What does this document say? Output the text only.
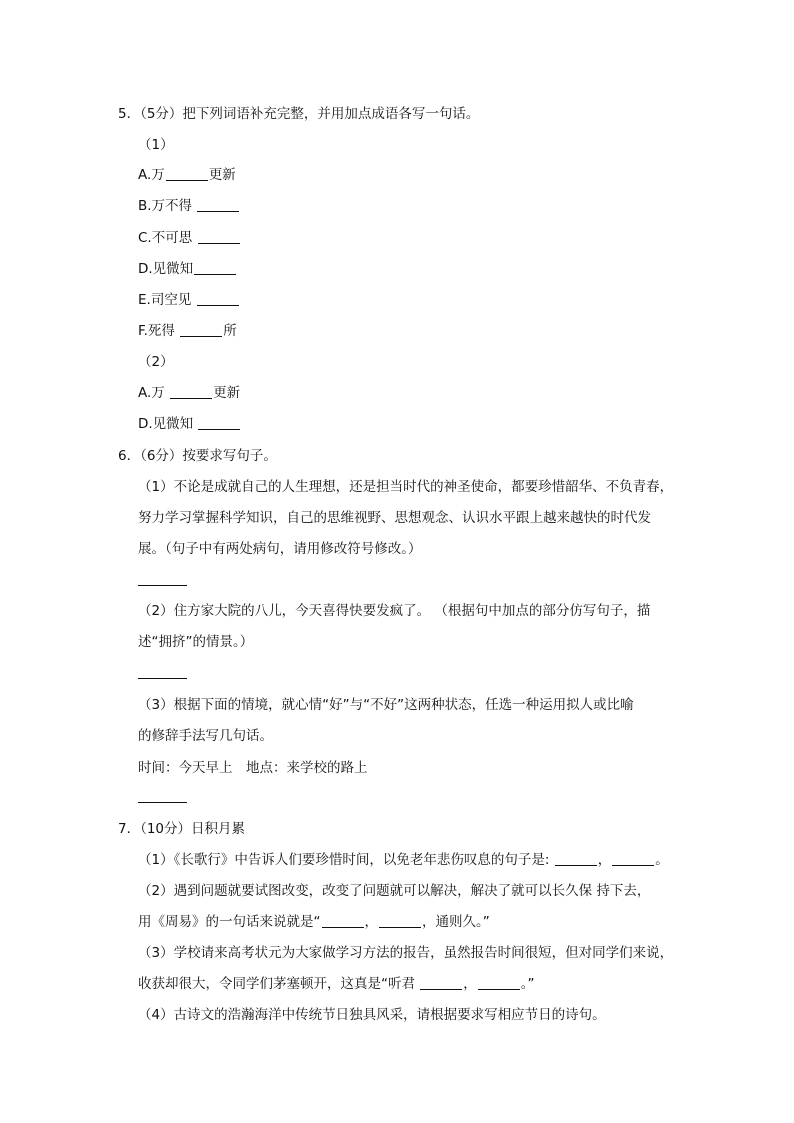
5．（5分）把下列词语补充完整，并用加点成语各写一句话。
（1）
A.万	更新
B.万不得
C.不可思
D.见微知
E.司空见
F.死得	所
（2）
A.万	更新
D.见微知
6．（6分）按要求写句子。
（1）不论是成就自己的人生理想，还是担当时代的神圣使命，都要珍惜韶华、不负青春，
努力学习掌握科学知识，自己的思维视野、思想观念、认识水平跟上越来越快的时代发
展。（句子中有两处病句，请用修改符号修改。）
（2）住方家大院的八儿，今天喜得快要发疯了。 （根据句中加点的部分仿写句子，描
述“拥挤”的情景。）
（3）根据下面的情境，就心情“好”与“不好”这两种状态，任选一种运用拟人或比喻
的修辞手法写几句话。
时间：今天早上　地点：来学校的路上
7．（10分）日积月累
（1）《长歌行》中告诉人们要珍惜时间，以免老年悲伤叹息的句子是:	，	。
（2）遇到问题就要试图改变，改变了问题就可以解决，解决了就可以长久保 持下去，
用《周易》的一句话来说就是“	，	，通则久。”
（3）学校请来高考状元为大家做学习方法的报告，虽然报告时间很短，但对同学们来说，
收获却很大，令同学们茅塞顿开，这真是“听君	，	。”
（4）古诗文的浩瀚海洋中传统节日独具风采，请根据要求写相应节日的诗句。
